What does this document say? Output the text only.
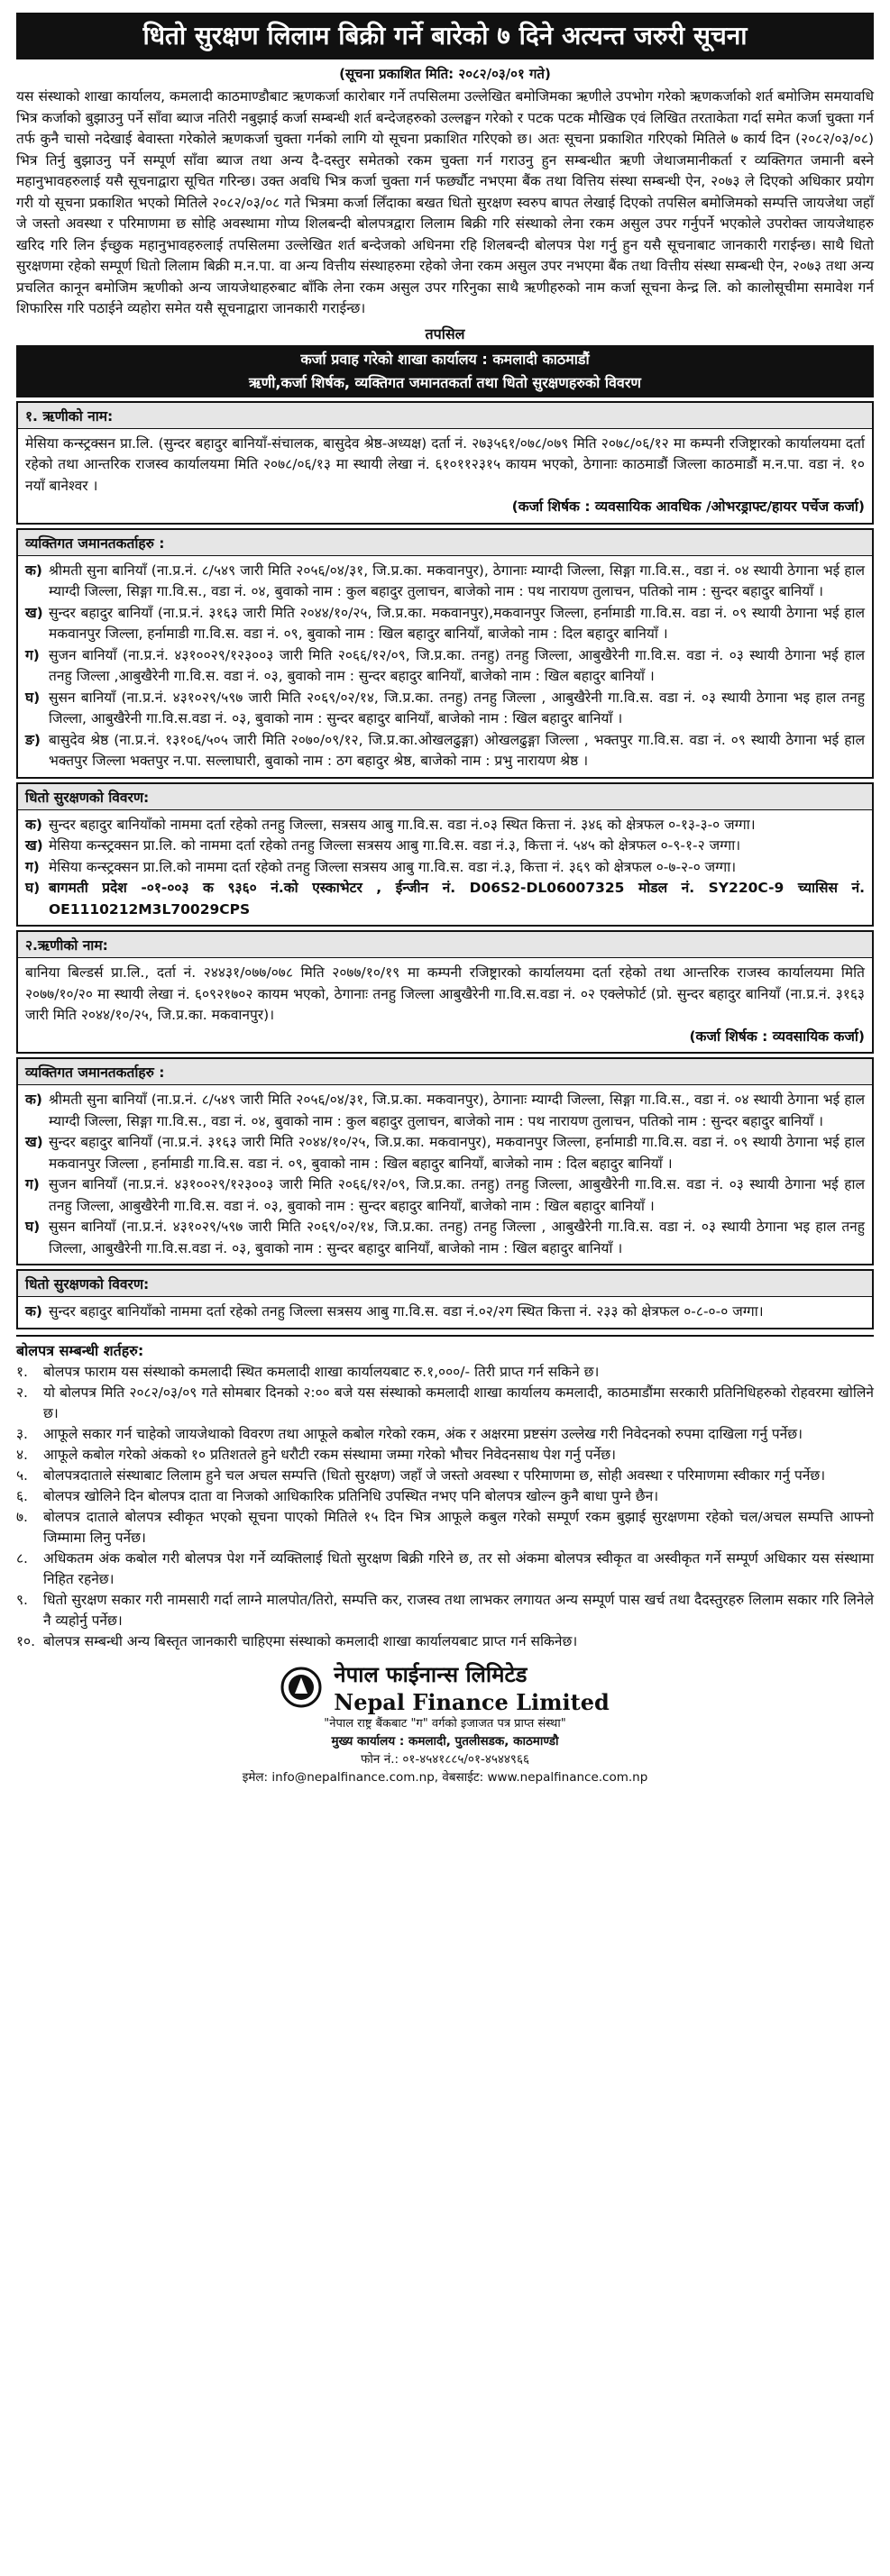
धितो सुरक्षण लिलाम बिक्री गर्ने बारेको ७ दिने अत्यन्त जरुरी सूचना
(सूचना प्रकाशित मिति: २०८२/०३/०१ गते)

यस संस्थाको शाखा कार्यालय, कमलादी काठमाण्डौबाट ऋणकर्जा कारोबार गर्ने तपसिलमा उल्लेखित बमोजिमका ऋणीले उपभोग गरेको ऋणकर्जाको शर्त बमोजिम समयावधि भित्र कर्जाको बुझाउनु पर्ने साँवा ब्याज नतिरी नबुझाई कर्जा सम्बन्धी शर्त बन्देजहरुको उल्लङ्घन गरेको र पटक पटक मौखिक एवं लिखित तरताकेता गर्दा समेत कर्जा चुक्ता गर्न तर्फ कुनै चासो नदेखाई बेवास्ता गरेकोले ऋणकर्जा चुक्ता गर्नको लागि यो सूचना प्रकाशित गरिएको छ। अतः सूचना प्रकाशित गरिएको मितिले ७ कार्य दिन (२०८२/०३/०८) भित्र तिर्नु बुझाउनु पर्ने सम्पूर्ण साँवा ब्याज तथा अन्य दै-दस्तुर समेतको रकम चुक्ता गर्न गराउनु हुन सम्बन्धीत ऋणी जेथाजमानीकर्ता र व्यक्तिगत जमानी बस्ने महानुभावहरुलाई यसै सूचनाद्वारा सूचित गरिन्छ। उक्त अवधि भित्र कर्जा चुक्ता गर्न फर्छ्यौट नभएमा बैंक तथा वित्तिय संस्था सम्बन्धी ऐन, २०७३ ले दिएको अधिकार प्रयोग गरी यो सूचना प्रकाशित भएको मितिले २०८२/०३/०८ गते भित्रमा कर्जा लिँदाका बखत धितो सुरक्षण स्वरुप बापत लेखाई दिएको तपसिल बमोजिमको सम्पत्ति जायजेथा जहाँ जे जस्तो अवस्था र परिमाणमा छ सोहि अवस्थामा गोप्य शिलबन्दी बोलपत्रद्वारा लिलाम बिक्री गरि संस्थाको लेना रकम असुल उपर गर्नुपर्ने भएकोले उपरोक्त जायजेथाहरु खरिद गरि लिन ईच्छुक महानुभावहरुलाई तपसिलमा उल्लेखित शर्त बन्देजको अधिनमा रहि शिलबन्दी बोलपत्र पेश गर्नु हुन यसै सूचनाबाट जानकारी गराईन्छ। साथै धितो सुरक्षणमा रहेको सम्पूर्ण धितो लिलाम बिक्री म.न.पा. वा अन्य वित्तीय संस्थाहरुमा रहेको जेना रकम असुल उपर नभएमा बैंक तथा वित्तीय संस्था सम्बन्धी ऐन, २०७३ तथा अन्य प्रचलित कानून बमोजिम ऋणीको अन्य जायजेथाहरुबाट बाँकि लेना रकम असुल उपर गरिनुका साथै ऋणीहरुको नाम कर्जा सूचना केन्द्र लि. को कालोसूचीमा समावेश गर्न शिफारिस गरि पठाईने व्यहोरा समेत यसै सूचनाद्वारा जानकारी गराईन्छ।

तपसिल
कर्जा प्रवाह गरेको शाखा कार्यालय : कमलादी काठमाडौं
ऋणी,कर्जा शिर्षक, व्यक्तिगत जमानतकर्ता तथा धितो सुरक्षणहरुको विवरण
१. ऋणीको नाम:
मेसिया कन्स्ट्रक्सन प्रा.लि. (सुन्दर बहादुर बानियाँ-संचालक, बासुदेव श्रेष्ठ-अध्यक्ष) दर्ता नं. २७३५६१/०७८/०७९ मिति २०७८/०६/१२ मा कम्पनी रजिष्ट्रारको कार्यालयमा दर्ता रहेको तथा आन्तरिक राजस्व कार्यालयमा मिति २०७८/०६/१३ मा स्थायी लेखा नं. ६१०११२३१५ कायम भएको, ठेगानाः काठमाडौं जिल्ला काठमाडौं म.न.पा. वडा नं. १० नयाँ बानेश्वर ।
(कर्जा शिर्षक : व्यवसायिक आवधिक /ओभरड्राफ्ट/हायर पर्चेज कर्जा)
व्यक्तिगत जमानतकर्ताहरु :
क) श्रीमती सुना बानियाँ (ना.प्र.नं. ८/५४९ जारी मिति २०५६/०४/३१, जि.प्र.का. मकवानपुर), ठेगानाः म्याग्दी जिल्ला, सिङ्गा गा.वि.स., वडा नं. ०४ स्थायी ठेगाना भई हाल म्याग्दी जिल्ला, सिङ्गा गा.वि.स., वडा नं. ०४, बुवाको नाम : कुल बहादुर तुलाचन, बाजेको नाम : पथ नारायण तुलाचन, पतिको नाम : सुन्दर बहादुर बानियाँ ।
ख) सुन्दर बहादुर बानियाँ (ना.प्र.नं. ३१६३ जारी मिति २०४४/१०/२५, जि.प्र.का. मकवानपुर),मकवानपुर जिल्ला, हर्नामाडी गा.वि.स. वडा नं. ०९ स्थायी ठेगाना भई हाल मकवानपुर जिल्ला, हर्नामाडी गा.वि.स. वडा नं. ०९, बुवाको नाम : खिल बहादुर बानियाँ, बाजेको नाम : दिल बहादुर बानियाँ ।
ग) सुजन बानियाँ (ना.प्र.नं. ४३१००२९/१२३००३ जारी मिति २०६६/१२/०९, जि.प्र.का. तनहु) तनहु जिल्ला, आबुखैरेनी गा.वि.स. वडा नं. ०३ स्थायी ठेगाना भई हाल तनहु जिल्ला ,आबुखैरेनी गा.वि.स. वडा नं. ०३, बुवाको नाम : सुन्दर बहादुर बानियाँ, बाजेको नाम : खिल बहादुर बानियाँ ।
घ) सुसन बानियाँ (ना.प्र.नं. ४३१०२९/५९७ जारी मिति २०६९/०२/१४, जि.प्र.का. तनहु) तनहु जिल्ला , आबुखैरेनी गा.वि.स. वडा नं. ०३ स्थायी ठेगाना भइ हाल तनहु जिल्ला, आबुखैरेनी गा.वि.स.वडा नं. ०३, बुवाको नाम : सुन्दर बहादुर बानियाँ, बाजेको नाम : खिल बहादुर बानियाँ ।
ङ) बासुदेव श्रेष्ठ (ना.प्र.नं. १३१०६/५०५ जारी मिति २०७०/०९/१२, जि.प्र.का.ओखलढुङ्गा) ओखलढुङ्गा जिल्ला , भक्तपुर गा.वि.स. वडा नं. ०९ स्थायी ठेगाना भई हाल भक्तपुर जिल्ला भक्तपुर न.पा. सल्लाघारी, बुवाको नाम : ठग बहादुर श्रेष्ठ, बाजेको नाम : प्रभु नारायण श्रेष्ठ ।
धितो सुरक्षणको विवरण:
क) सुन्दर बहादुर बानियाँको नाममा दर्ता रहेको तनहु जिल्ला, सत्रसय आबु गा.वि.स. वडा नं.०३ स्थित कित्ता नं. ३४६ को क्षेत्रफल ०-१३-३-० जग्गा।
ख) मेसिया कन्स्ट्रक्सन प्रा.लि. को नाममा दर्ता रहेको तनहु जिल्ला सत्रसय आबु गा.वि.स. वडा नं.३, कित्ता नं. ५४५ को क्षेत्रफल ०-९-१-२ जग्गा।
ग) मेसिया कन्स्ट्रक्सन प्रा.लि.को नाममा दर्ता रहेको तनहु जिल्ला सत्रसय आबु गा.वि.स. वडा नं.३, कित्ता नं. ३६९ को क्षेत्रफल ०-७-२-० जग्गा।
घ) बागमती प्रदेश -०१-००३ क ९३६० नं.को एस्काभेटर , ईन्जीन नं. D06S2-DL06007325 मोडल नं. SY220C-9 च्यासिस नं. OE1110212M3L70029CPS
२.ऋणीको नाम:
बानिया बिल्डर्स प्रा.लि., दर्ता नं. २४४३१/०७७/०७८ मिति २०७७/१०/१९ मा कम्पनी रजिष्ट्रारको कार्यालयमा दर्ता रहेको तथा आन्तरिक राजस्व कार्यालयमा मिति २०७७/१०/२० मा स्थायी लेखा नं. ६०९२१७०२ कायम भएको, ठेगानाः तनहु जिल्ला आबुखैरेनी गा.वि.स.वडा नं. ०२ एक्लेफोर्ट (प्रो. सुन्दर बहादुर बानियाँ (ना.प्र.नं. ३१६३ जारी मिति २०४४/१०/२५, जि.प्र.का. मकवानपुर)।
(कर्जा शिर्षक : व्यवसायिक कर्जा)
व्यक्तिगत जमानतकर्ताहरु :
क) श्रीमती सुना बानियाँ (ना.प्र.नं. ८/५४९ जारी मिति २०५६/०४/३१, जि.प्र.का. मकवानपुर), ठेगानाः म्याग्दी जिल्ला, सिङ्गा गा.वि.स., वडा नं. ०४ स्थायी ठेगाना भई हाल म्याग्दी जिल्ला, सिङ्गा गा.वि.स., वडा नं. ०४, बुवाको नाम : कुल बहादुर तुलाचन, बाजेको नाम : पथ नारायण तुलाचन, पतिको नाम : सुन्दर बहादुर बानियाँ ।
ख) सुन्दर बहादुर बानियाँ (ना.प्र.नं. ३१६३ जारी मिति २०४४/१०/२५, जि.प्र.का. मकवानपुर), मकवानपुर जिल्ला, हर्नामाडी गा.वि.स. वडा नं. ०९ स्थायी ठेगाना भई हाल मकवानपुर जिल्ला , हर्नामाडी गा.वि.स. वडा नं. ०९, बुवाको नाम : खिल बहादुर बानियाँ, बाजेको नाम : दिल बहादुर बानियाँ ।
ग) सुजन बानियाँ (ना.प्र.नं. ४३१००२९/१२३००३ जारी मिति २०६६/१२/०९, जि.प्र.का. तनहु) तनहु जिल्ला, आबुखैरेनी गा.वि.स. वडा नं. ०३ स्थायी ठेगाना भई हाल तनहु जिल्ला, आबुखैरेनी गा.वि.स. वडा नं. ०३, बुवाको नाम : सुन्दर बहादुर बानियाँ, बाजेको नाम : खिल बहादुर बानियाँ ।
घ) सुसन बानियाँ (ना.प्र.नं. ४३१०२९/५९७ जारी मिति २०६९/०२/१४, जि.प्र.का. तनहु) तनहु जिल्ला , आबुखैरेनी गा.वि.स. वडा नं. ०३ स्थायी ठेगाना भइ हाल तनहु जिल्ला, आबुखैरेनी गा.वि.स.वडा नं. ०३, बुवाको नाम : सुन्दर बहादुर बानियाँ, बाजेको नाम : खिल बहादुर बानियाँ ।
धितो सुरक्षणको विवरण:
क) सुन्दर बहादुर बानियाँको नाममा दर्ता रहेको तनहु जिल्ला सत्रसय आबु गा.वि.स. वडा नं.०२/२ग स्थित कित्ता नं. २३३ को क्षेत्रफल ०-८-०-० जग्गा।
बोलपत्र सम्बन्धी शर्तहरु:
१.	बोलपत्र फाराम यस संस्थाको कमलादी स्थित कमलादी शाखा कार्यालयबाट रु.१,०००/- तिरी प्राप्त गर्न सकिने छ।
२.	यो बोलपत्र मिति २०८२/०३/०९ गते सोमबार दिनको २:०० बजे यस संस्थाको कमलादी शाखा कार्यालय कमलादी, काठमाडौंमा सरकारी प्रतिनिधिहरुको रोहवरमा खोलिने छ।
३.	आफूले सकार गर्न चाहेको जायजेथाको विवरण तथा आफूले कबोल गरेको रकम, अंक र अक्षरमा प्रष्टसंग उल्लेख गरी निवेदनको रुपमा दाखिला गर्नु पर्नेछ।
४.	आफूले कबोल गरेको अंकको १० प्रतिशतले हुने धरौटी रकम संस्थामा जम्मा गरेको भौचर निवेदनसाथ पेश गर्नु पर्नेछ।
५.	बोलपत्रदाताले संस्थाबाट लिलाम हुने चल अचल सम्पत्ति (धितो सुरक्षण) जहाँ जे जस्तो अवस्था र परिमाणमा छ, सोही अवस्था र परिमाणमा स्वीकार गर्नु पर्नेछ।
६.	बोलपत्र खोलिने दिन बोलपत्र दाता वा निजको आधिकारिक प्रतिनिधि उपस्थित नभए पनि बोलपत्र खोल्न कुनै बाधा पुग्ने छैन।
७.	बोलपत्र दाताले बोलपत्र स्वीकृत भएको सूचना पाएको मितिले १५ दिन भित्र आफूले कबुल गरेको सम्पूर्ण रकम बुझाई सुरक्षणमा रहेको चल/अचल सम्पत्ति आफ्नो जिम्मामा लिनु पर्नेछ।
८.	अधिकतम अंक कबोल गरी बोलपत्र पेश गर्ने व्यक्तिलाई धितो सुरक्षण बिक्री गरिने छ, तर सो अंकमा बोलपत्र स्वीकृत वा अस्वीकृत गर्ने सम्पूर्ण अधिकार यस संस्थामा निहित रहनेछ।
९.	धितो सुरक्षण सकार गरी नामसारी गर्दा लाग्ने मालपोत/तिरो, सम्पत्ति कर, राजस्व तथा लाभकर लगायत अन्य सम्पूर्ण पास खर्च तथा दैदस्तुरहरु लिलाम सकार गरि लिनेले नै व्यहोर्नु पर्नेछ।
१०. बोलपत्र सम्बन्धी अन्य बिस्तृत जानकारी चाहिएमा संस्थाको कमलादी शाखा कार्यालयबाट प्राप्त गर्न सकिनेछ।

नेपाल फाईनान्स लिमिटेड
Nepal Finance Limited
"नेपाल राष्ट्र बैंकबाट "ग" वर्गको इजाजत पत्र प्राप्त संस्था"
मुख्य कार्यालय : कमलादी, पुतलीसडक, काठमाण्डौ
फोन नं.: ०१-४५४१८८५/०१-४५४४९६६
इमेल: info@nepalfinance.com.np, वेबसाईट: www.nepalfinance.com.np
